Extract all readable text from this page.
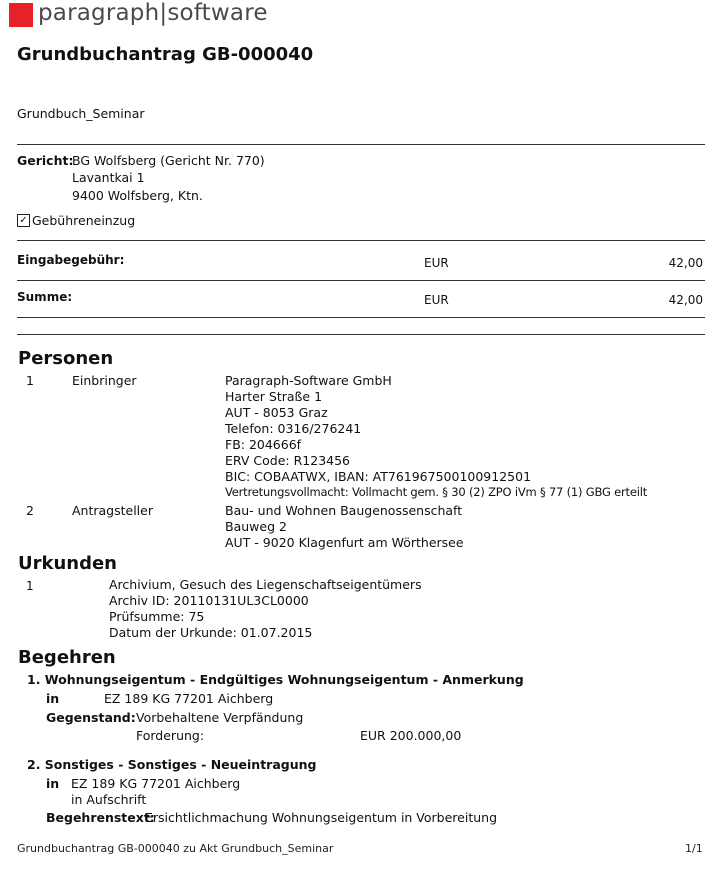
paragraph|software
Grundbuchantrag GB-000040
Grundbuch_Seminar
Gericht:
BG Wolfsberg (Gericht Nr. 770)
Lavantkai 1
9400 Wolfsberg, Ktn.
✓ Gebühreneinzug
Eingabegebühr:	EUR	42,00
Summe:	EUR	42,00
Personen
1	Einbringer	Paragraph-Software GmbH
Harter Straße 1
AUT - 8053 Graz
Telefon: 0316/276241
FB: 204666f
ERV Code: R123456
BIC: COBAATWX, IBAN: AT761967500100912501
Vertretungsvollmacht: Vollmacht gem. § 30 (2) ZPO iVm § 77 (1) GBG erteilt
2	Antragsteller	Bau- und Wohnen Baugenossenschaft
Bauweg 2
AUT - 9020 Klagenfurt am Wörthersee
Urkunden
1	Archivium, Gesuch des Liegenschaftseigentümers
Archiv ID: 20110131UL3CL0000
Prüfsumme: 75
Datum der Urkunde: 01.07.2015
Begehren
1. Wohnungseigentum - Endgültiges Wohnungseigentum - Anmerkung
in	EZ 189 KG 77201 Aichberg
Gegenstand: Vorbehaltene Verpfändung
Forderung:	EUR 200.000,00
2. Sonstiges - Sonstiges - Neueintragung
in EZ 189 KG 77201 Aichberg
in Aufschrift
Begehrenstext:
Ersichtlichmachung Wohnungseigentum in Vorbereitung
Grundbuchantrag GB-000040 zu Akt Grundbuch_Seminar	1/1
